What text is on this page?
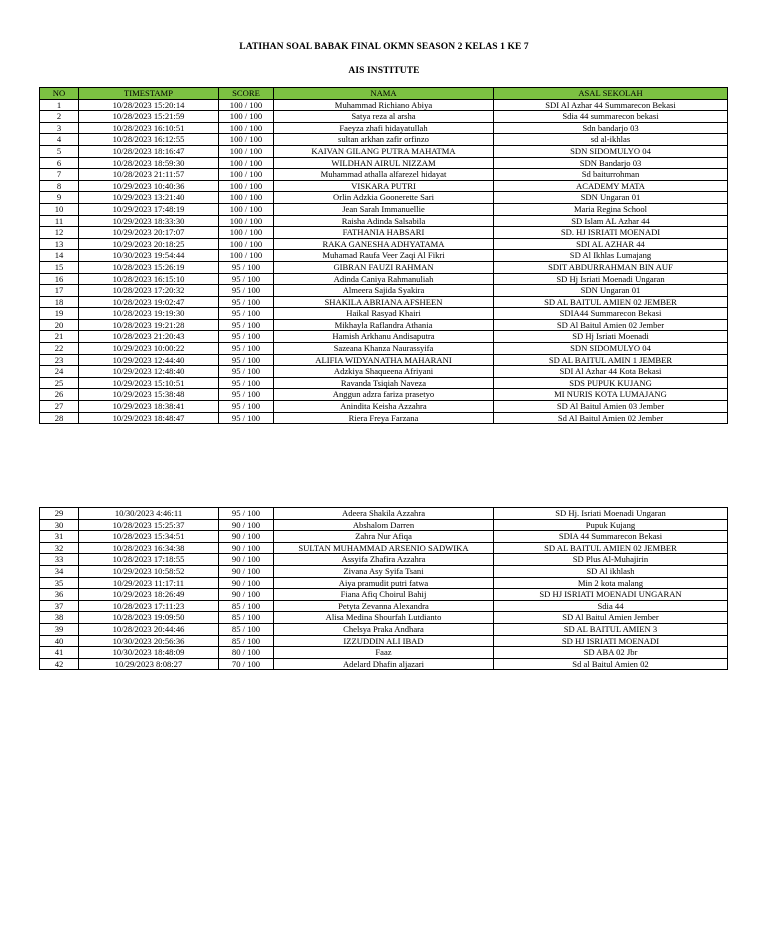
LATIHAN SOAL BABAK FINAL OKMN SEASON 2 KELAS 1 KE 7
AIS INSTITUTE
NO	TIMESTAMP	SCORE	NAMA	ASAL SEKOLAH
1	10/28/2023 15:20:14	100 / 100	Muhammad Richiano Abiya	SDI Al Azhar 44 Summarecon Bekasi
2	10/28/2023 15:21:59	100 / 100	Satya reza al arsha	Sdia 44 summarecon bekasi
3	10/28/2023 16:10:51	100 / 100	Faeyza zhafi hidayatullah	Sdn bandarjo 03
4	10/28/2023 16:12:55	100 / 100	sultan arkhan zafir orfinzo	sd al-ikhlas
5	10/28/2023 18:16:47	100 / 100	KAIVAN GILANG PUTRA MAHATMA	SDN SIDOMULYO 04
6	10/28/2023 18:59:30	100 / 100	WILDHAN AIRUL NIZZAM	SDN Bandarjo 03
7	10/28/2023 21:11:57	100 / 100	Muhammad athalla alfarezel hidayat	Sd baiturrohman
8	10/29/2023 10:40:36	100 / 100	VISKARA PUTRI	ACADEMY MATA
9	10/29/2023 13:21:40	100 / 100	Orlin Adzkia Goonerette Sari	SDN Ungaran 01
10	10/29/2023 17:48:19	100 / 100	Jean Sarah Immanuellie	Maria Regina School
11	10/29/2023 18:33:30	100 / 100	Raisha Adinda Salsabila	SD Islam AL Azhar 44
12	10/29/2023 20:17:07	100 / 100	FATHANIA HABSARI	SD. HJ ISRIATI MOENADI
13	10/29/2023 20:18:25	100 / 100	RAKA GANESHA ADHYATAMA	SDI AL AZHAR 44
14	10/30/2023 19:54:44	100 / 100	Muhamad Raufa Veer Zaqi Al Fikri	SD Al Ikhlas Lumajang
15	10/28/2023 15:26:19	95 / 100	GIBRAN FAUZI RAHMAN	SDIT ABDURRAHMAN BIN AUF
16	10/28/2023 16:15:10	95 / 100	Adinda Caniya Rahmanuliah	SD Hj Isriati Moenadi Ungaran
17	10/28/2023 17:20:32	95 / 100	Almeera Sajida Syakira	SDN Ungaran 01
18	10/28/2023 19:02:47	95 / 100	SHAKILA ABRIANA AFSHEEN	SD AL BAITUL AMIEN 02 JEMBER
19	10/28/2023 19:19:30	95 / 100	Haikal Rasyad Khairi	SDIA44 Summarecon Bekasi
20	10/28/2023 19:21:28	95 / 100	Mikhayla Raflandra Athania	SD Al Baitul Amien 02 Jember
21	10/28/2023 21:20:43	95 / 100	Hamish Arkhanu Andisaputra	SD Hj Isriati Moenadi
22	10/29/2023 10:00:22	95 / 100	Sazeana Khanza Naurassyifa	SDN SIDOMULYO 04
23	10/29/2023 12:44:40	95 / 100	ALIFIA WIDYANATHA MAHARANI	SD AL BAITUL AMIN 1 JEMBER
24	10/29/2023 12:48:40	95 / 100	Adzkiya Shaqueena Afriyani	SDI Al Azhar 44 Kota Bekasi
25	10/29/2023 15:10:51	95 / 100	Ravanda Tsiqiah Naveza	SDS PUPUK KUJANG
26	10/29/2023 15:38:48	95 / 100	Anggun adzra fariza prasetyo	MI NURIS KOTA LUMAJANG
27	10/29/2023 18:38:41	95 / 100	Anindita Keisha Azzahra	SD Al Baitul Amien 03 Jember
28	10/29/2023 18:48:47	95 / 100	Riera Freya Farzana	Sd Al Baitul Amien 02 Jember
29	10/30/2023 4:46:11	95 / 100	Adeera Shakila Azzahra	SD Hj. Isriati Moenadi Ungaran
30	10/28/2023 15:25:37	90 / 100	Abshalom Darren	Pupuk Kujang
31	10/28/2023 15:34:51	90 / 100	Zahra Nur Afiqa	SDIA 44 Summarecon Bekasi
32	10/28/2023 16:34:38	90 / 100	SULTAN MUHAMMAD ARSENIO SADWIKA	SD AL BAITUL AMIEN 02 JEMBER
33	10/28/2023 17:18:55	90 / 100	Assyifa Zhafira Azzahra	SD Plus Al-Muhajirin
34	10/29/2023 10:58:52	90 / 100	Zivana Asy Syifa Tsani	SD Al ikhlash
35	10/29/2023 11:17:11	90 / 100	Aiya pramudit putri fatwa	Min 2 kota malang
36	10/29/2023 18:26:49	90 / 100	Fiana Afiq Choirul Bahij	SD HJ ISRIATI MOENADI UNGARAN
37	10/28/2023 17:11:23	85 / 100	Petyta Zevanna Alexandra	Sdia 44
38	10/28/2023 19:09:50	85 / 100	Alisa Medina Shourfah Lutdianto	SD Al Baitul Amien Jember
39	10/28/2023 20:44:46	85 / 100	Chelsya Praka Andhara	SD AL BAITUL AMIEN 3
40	10/30/2023 20:56:36	85 / 100	IZZUDDIN ALI IBAD	SD HJ ISRIATI MOENADI
41	10/30/2023 18:48:09	80 / 100	Faaz	SD ABA 02 Jbr
42	10/29/2023 8:08:27	70 / 100	Adelard Dhafin aljazari	Sd al Baitul Amien 02
